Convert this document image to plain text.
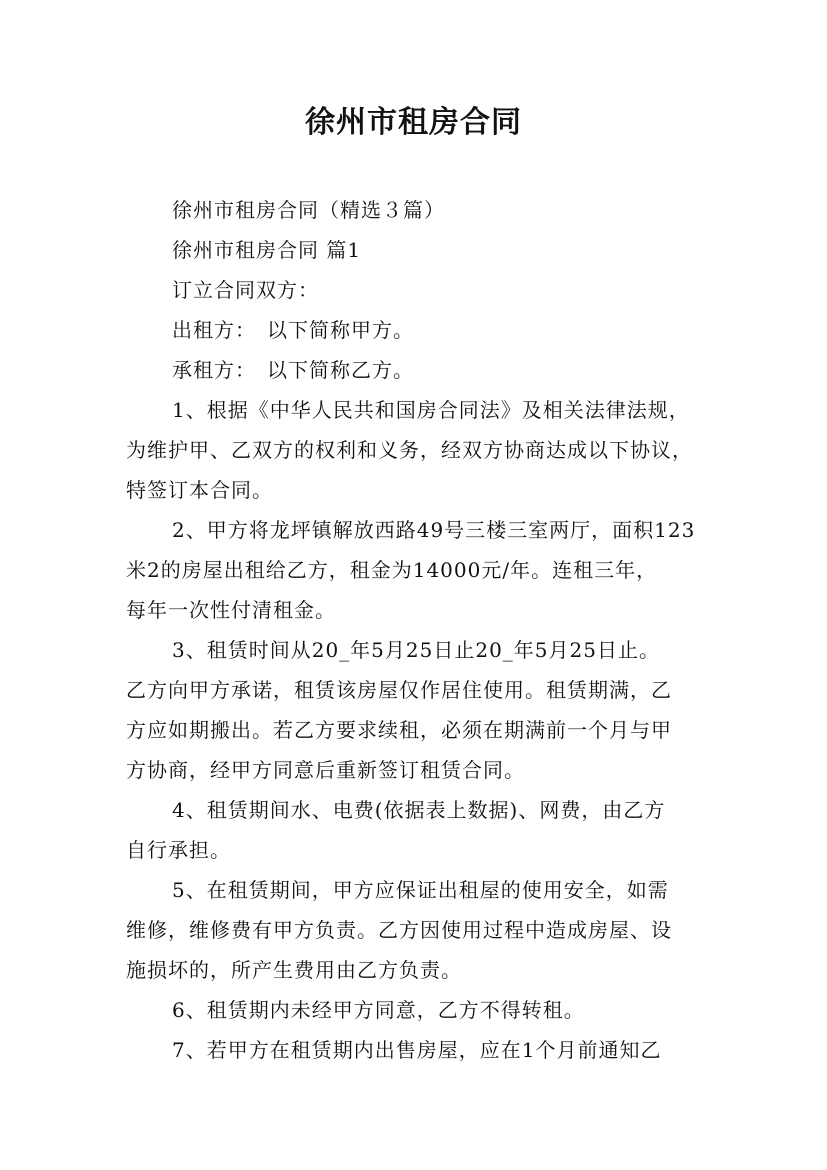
徐州市租房合同
徐州市租房合同（精选３篇）
徐州市租房合同 篇1
订立合同双方：
出租方：　以下简称甲方。
承租方：　以下简称乙方。
1、根据《中华人民共和国房合同法》及相关法律法规，
为维护甲、乙双方的权利和义务，经双方协商达成以下协议，
特签订本合同。
2、甲方将龙坪镇解放西路49号三楼三室两厅，面积123
米2的房屋出租给乙方，租金为14000元/年。连租三年，
每年一次性付清租金。
3、租赁时间从20_年5月25日止20_年5月25日止。
乙方向甲方承诺，租赁该房屋仅作居住使用。租赁期满，乙
方应如期搬出。若乙方要求续租，必须在期满前一个月与甲
方协商，经甲方同意后重新签订租赁合同。
4、租赁期间水、电费(依据表上数据)、网费，由乙方
自行承担。
5、在租赁期间，甲方应保证出租屋的使用安全，如需
维修，维修费有甲方负责。乙方因使用过程中造成房屋、设
施损坏的，所产生费用由乙方负责。
6、租赁期内未经甲方同意，乙方不得转租。
7、若甲方在租赁期内出售房屋，应在1个月前通知乙
